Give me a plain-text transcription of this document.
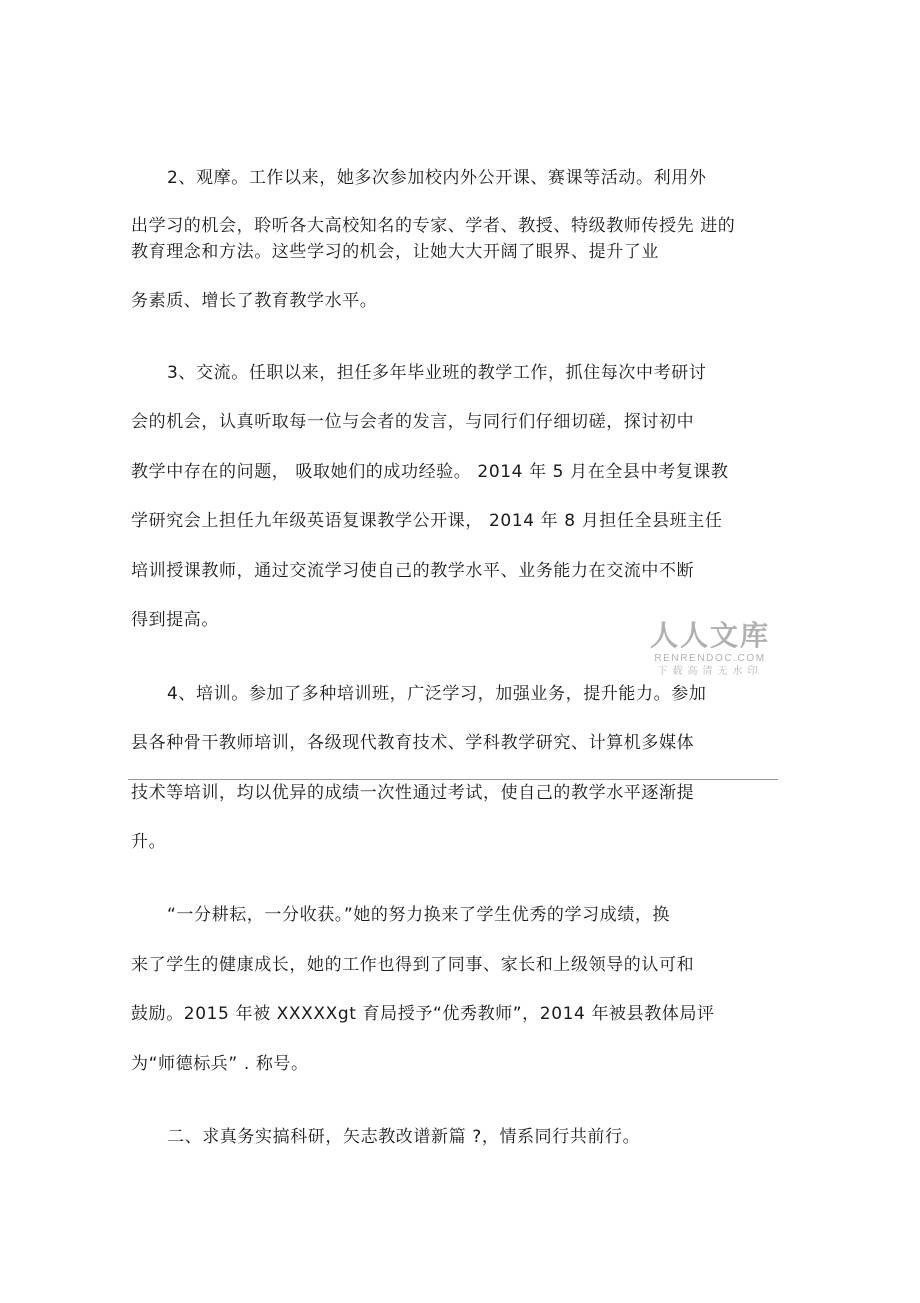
2、观摩。工作以来，她多次参加校内外公开课、赛课等活动。利用外
出学习的机会，聆听各大高校知名的专家、学者、教授、特级教师传授先 进的
教育理念和方法。这些学习的机会，让她大大开阔了眼界、提升了业
务素质、增长了教育教学水平。
3、交流。任职以来，担任多年毕业班的教学工作，抓住每次中考研讨
会的机会，认真听取每一位与会者的发言，与同行们仔细切磋，探讨初中
教学中存在的问题， 吸取她们的成功经验。 2014 年 5 月在全县中考复课教
学研究会上担任九年级英语复课教学公开课， 2014 年 8 月担任全县班主任
培训授课教师，通过交流学习使自己的教学水平、业务能力在交流中不断
得到提高。	人人文库
RENRENDOC.COM
下载高清无水印
4、培训。参加了多种培训班，广泛学习，加强业务，提升能力。参加
县各种骨干教师培训，各级现代教育技术、学科教学研究、计算机多媒体
技术等培训，均以优异的成绩一次性通过考试，使自己的教学水平逐渐提
升。
“一分耕耘，一分收获。”她的努力换来了学生优秀的学习成绩，换
来了学生的健康成长，她的工作也得到了同事、家长和上级领导的认可和
鼓励。2015 年被 XXXXXgt 育局授予“优秀教师”，2014 年被县教体局评
为“师德标兵” . 称号。
二、求真务实搞科研，矢志教改谱新篇 ?，情系同行共前行。
